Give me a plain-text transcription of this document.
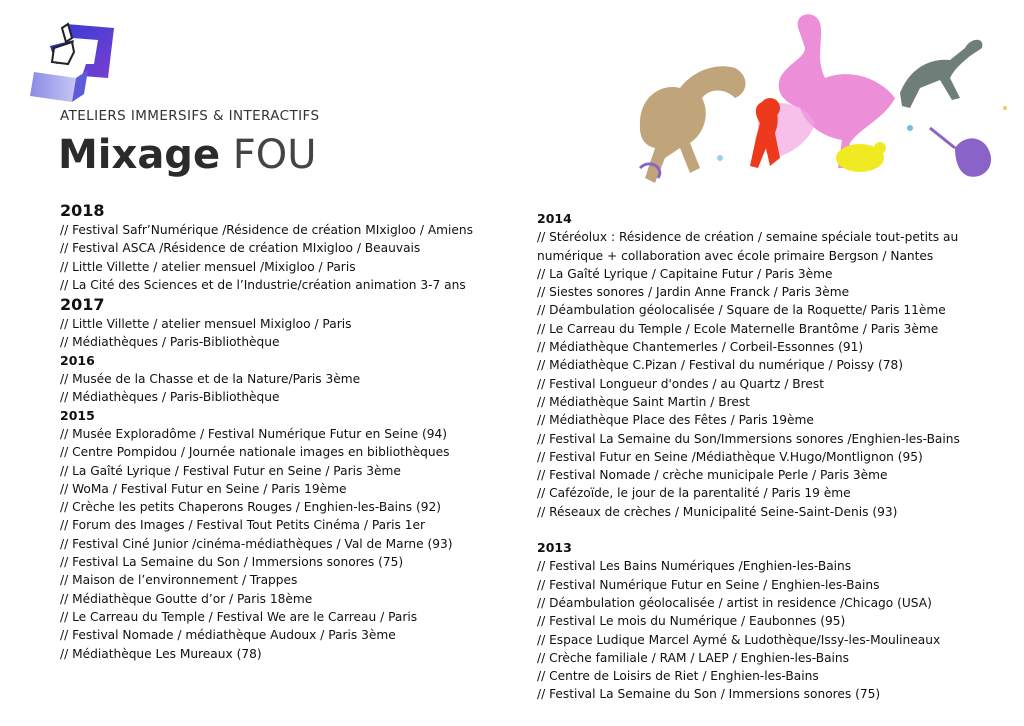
ATELIERS IMMERSIFS & INTERACTIFS
Mixage FOU
2018
// Festival Safr’Numérique /Résidence de création MIxigloo / Amiens
// Festival ASCA /Résidence de création MIxigloo / Beauvais
// Little Villette / atelier mensuel /Mixigloo / Paris
// La Cité des Sciences et de l’Industrie/création animation 3-7 ans
2017
// Little Villette / atelier mensuel Mixigloo / Paris
// Médiathèques / Paris-Bibliothèque
2016
// Musée de la Chasse et de la Nature/Paris 3ème
// Médiathèques / Paris-Bibliothèque
2015
// Musée Exploradôme / Festival Numérique Futur en Seine (94)
// Centre Pompidou / Journée nationale images en bibliothèques
// La Gaîté Lyrique / Festival Futur en Seine / Paris 3ème
// WoMa / Festival Futur en Seine / Paris 19ème
// Crèche les petits Chaperons Rouges / Enghien-les-Bains (92)
// Forum des Images / Festival Tout Petits Cinéma / Paris 1er
// Festival Ciné Junior /cinéma-médiathèques / Val de Marne (93)
// Festival La Semaine du Son / Immersions sonores (75)
// Maison de l’environnement / Trappes
// Médiathèque Goutte d’or / Paris 18ème
// Le Carreau du Temple / Festival We are le Carreau / Paris
// Festival Nomade / médiathèque Audoux / Paris 3ème
// Médiathèque Les Mureaux (78)
2014
// Stéréolux : Résidence de création / semaine spéciale tout-petits au
numérique + collaboration avec école primaire Bergson / Nantes
// La Gaîté Lyrique / Capitaine Futur / Paris 3ème
// Siestes sonores / Jardin Anne Franck / Paris 3ème
// Déambulation géolocalisée / Square de la Roquette/ Paris 11ème
// Le Carreau du Temple / Ecole Maternelle Brantôme / Paris 3ème
// Médiathèque Chantemerles / Corbeil-Essonnes (91)
// Médiathèque C.Pizan / Festival du numérique / Poissy (78)
// Festival Longueur d'ondes / au Quartz / Brest
// Médiathèque Saint Martin / Brest
// Médiathèque Place des Fêtes / Paris 19ème
// Festival La Semaine du Son/Immersions sonores /Enghien-les-Bains
// Festival Futur en Seine /Médiathèque V.Hugo/Montlignon (95)
// Festival Nomade / crèche municipale Perle / Paris 3ème
// Cafézoïde, le jour de la parentalité / Paris 19 ème
// Réseaux de crèches / Municipalité Seine-Saint-Denis (93)
2013
// Festival Les Bains Numériques /Enghien-les-Bains
// Festival Numérique Futur en Seine / Enghien-les-Bains
// Déambulation géolocalisée / artist in residence /Chicago (USA)
// Festival Le mois du Numérique / Eaubonnes (95)
// Espace Ludique Marcel Aymé & Ludothèque/Issy-les-Moulineaux
// Crèche familiale / RAM / LAEP / Enghien-les-Bains
// Centre de Loisirs de Riet / Enghien-les-Bains
// Festival La Semaine du Son / Immersions sonores (75)
